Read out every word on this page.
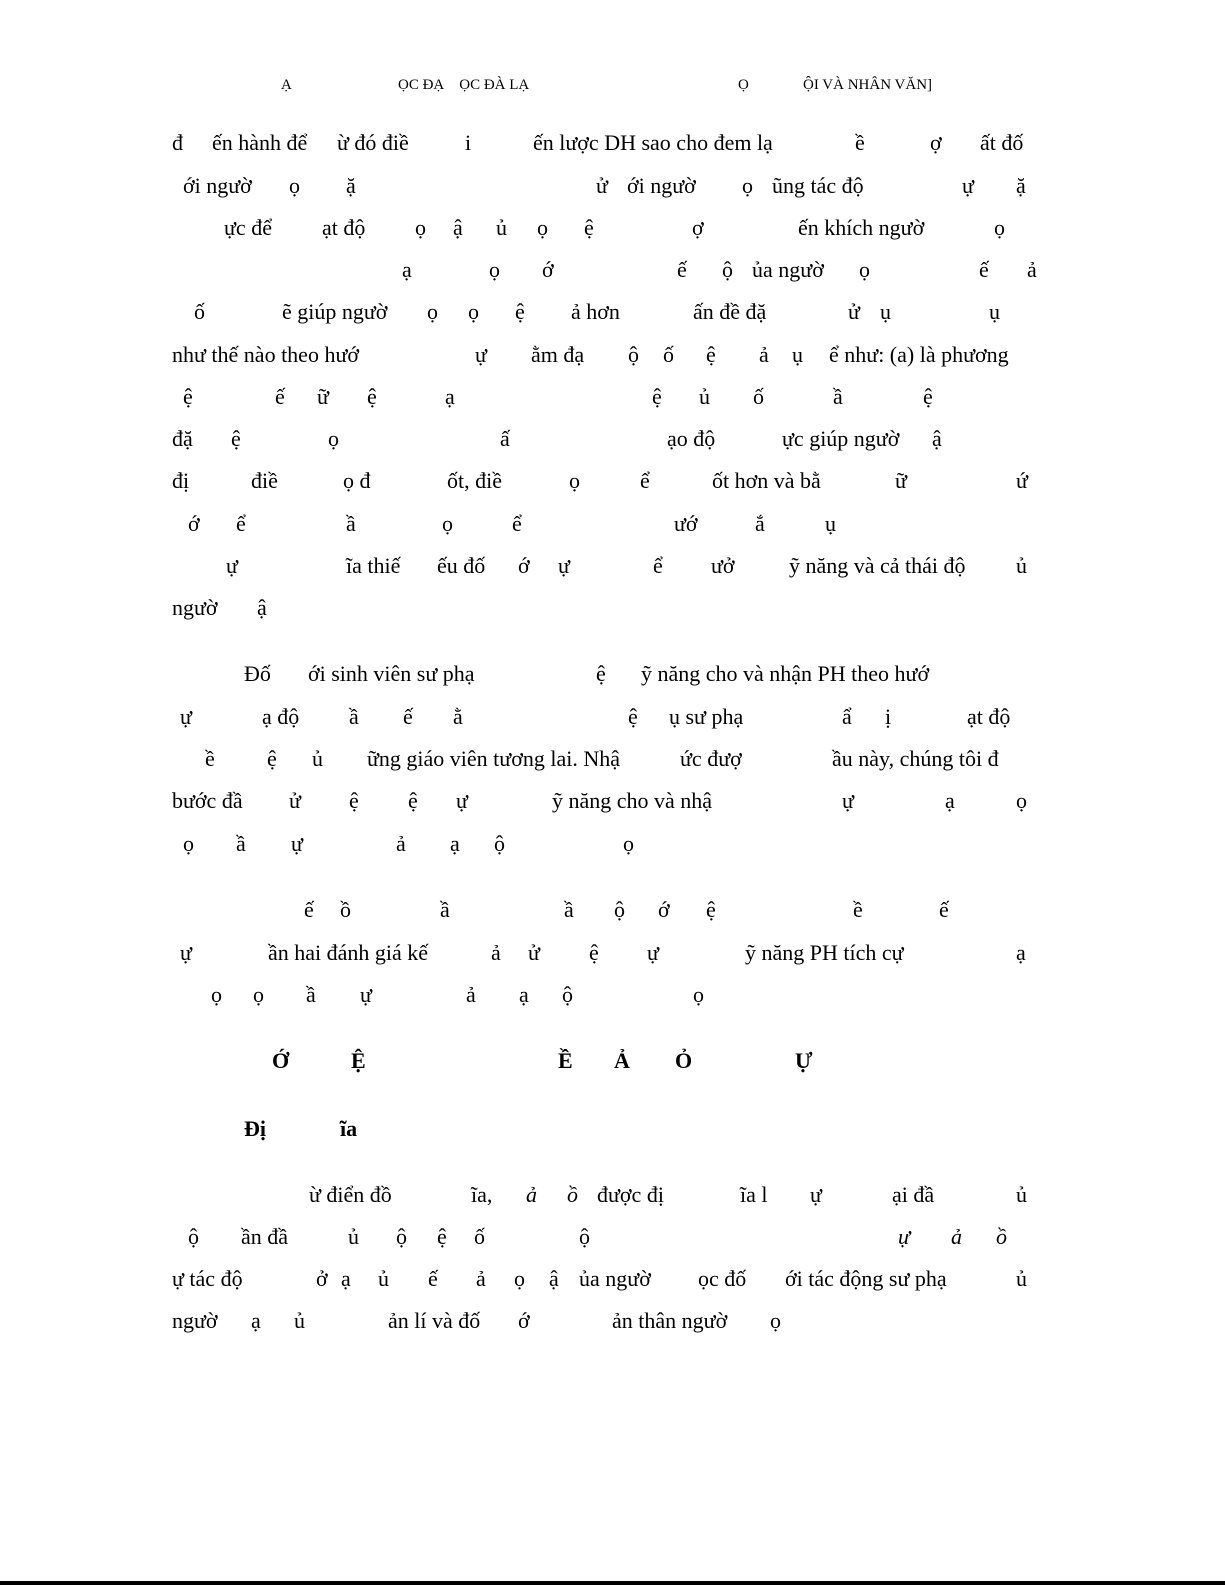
Ạ	ỌC ĐẠ    ỌC ĐÀ LẠ	Ọ	ỘI VÀ NHÂN VĂN]
đ ến hành để ừ đó điề	i	ến lược DH sao cho đem lạ	ề	ợ ất đố
ới ngườ ọ ặ	ử ới ngườ ọ ũng tác độ	ự ặ
ực để ạt độ ọ ậ ủ ọ ệ	ợ	ến khích ngườ	ọ
ạ	ọ ớ	ế ộ ủa ngườ ọ	ế ả
ố	ẽ giúp ngườ ọ ọ ệ ả hơn	ấn đề đặ	ử ụ	ụ
như thế nào theo hướ	ự ằm đạ ộ ố ệ ả ụ ể như: (a) là phương
ệ	ế ữ ệ	ạ	ệ ủ ố	ầ	ệ
đặ ệ	ọ	ấ	ạo độ	ực giúp ngườ ậ
đị	điề	ọ đ	ốt, điề	ọ	ể	ốt hơn và bằ	ữ	ứ
ớ ể	ầ	ọ	ể	ướ	ắ	ụ
ự	ĩa thiế ếu đố ớ ự	ể ưở ỹ năng và cả thái độ ủ
ngườ ậ
Đố ới sinh viên sư phạ	ệ ỹ năng cho và nhận PH theo hướ
ự	ạ độ ầ ế ằ	ệ ụ sư phạ	ẩ ị	ạt độ
ề ệ ủ ững giáo viên tương lai. Nhậ	ức đượ	ầu này, chúng tôi đ
bước đầ ử ệ ệ ự	ỹ năng cho và nhậ	ự	ạ	ọ
ọ ầ ự	ả ạ ộ	ọ
ế ồ	ầ	ầ ộ ớ ệ	ề	ế
ự	ần hai đánh giá kế	ả ử ệ ự	ỹ năng PH tích cự	ạ
ọ ọ ầ ự	ả ạ ộ	ọ
Ớ	Ệ	Ề Ả Ỏ	Ự
Đị	ĩa
ừ điển đồ	ĩa, ả ồ được đị	ĩa l ự	ại đầ	ủ
ộ ần đầ	ủ ộ ệ ố	ộ	ự ả ồ
ự tác độ	ở ạ ủ ế ả ọ ậ ủa ngườ ọc đố ới tác động sư phạ	ủ
ngườ ạ ủ	ản lí và đố ớ	ản thân ngườ ọ
